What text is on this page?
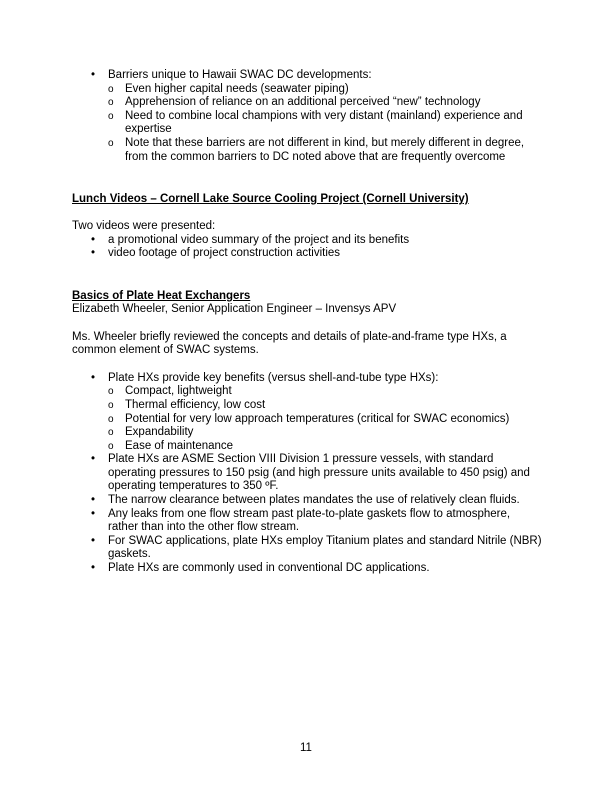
• Barriers unique to Hawaii SWAC DC developments:
o Even higher capital needs (seawater piping)
o Apprehension of reliance on an additional perceived “new” technology
o Need to combine local champions with very distant (mainland) experience and expertise
o Note that these barriers are not different in kind, but merely different in degree, from the common barriers to DC noted above that are frequently overcome
Lunch Videos – Cornell Lake Source Cooling Project (Cornell University)

Two videos were presented:

• a promotional video summary of the project and its benefits
• video footage of project construction activities
Basics of Plate Heat Exchangers

Elizabeth Wheeler, Senior Application Engineer – Invensys APV

Ms. Wheeler briefly reviewed the concepts and details of plate-and-frame type HXs, a common element of SWAC systems.

• Plate HXs provide key benefits (versus shell-and-tube type HXs):
o Compact, lightweight
o Thermal efficiency, low cost
o Potential for very low approach temperatures (critical for SWAC economics)
o Expandability
o Ease of maintenance
• Plate HXs are ASME Section VIII Division 1 pressure vessels, with standard operating pressures to 150 psig (and high pressure units available to 450 psig) and operating temperatures to 350 ºF.
• The narrow clearance between plates mandates the use of relatively clean fluids.
• Any leaks from one flow stream past plate-to-plate gaskets flow to atmosphere, rather than into the other flow stream.
• For SWAC applications, plate HXs employ Titanium plates and standard Nitrile (NBR) gaskets.
• Plate HXs are commonly used in conventional DC applications.
11
